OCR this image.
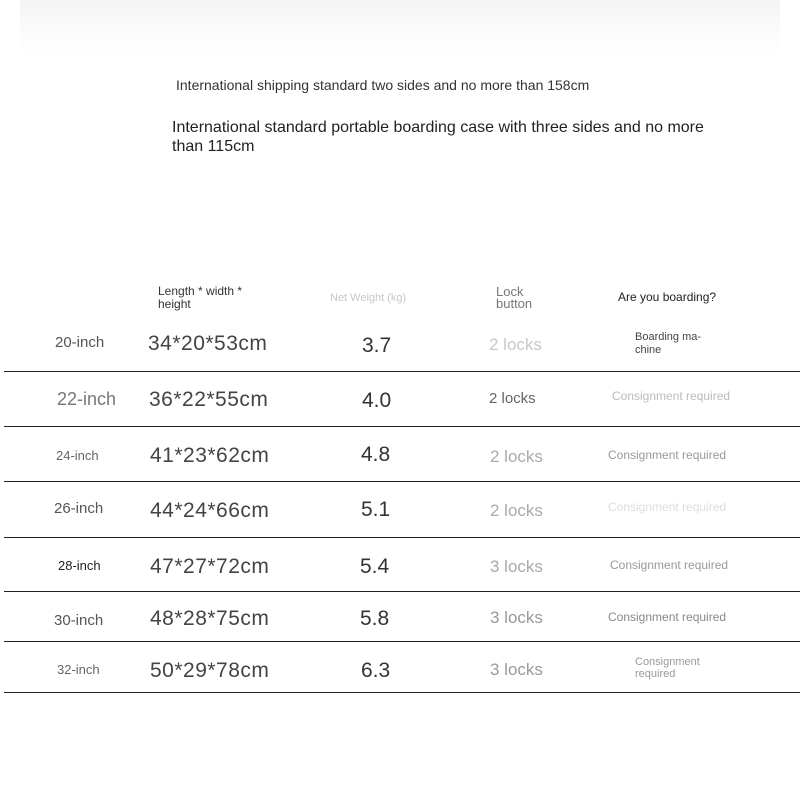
International shipping standard two sides and no more than 158cm
International standard portable boarding case with three sides and no more than 115cm
Length * width * height	Net Weight (kg)	Lock button	Are you boarding?
20-inch 34*20*53cm	3.7	2 locks	Boarding ma-chine
22-inch 36*22*55cm	4.0	2 locks	Consignment required
24-inch 41*23*62cm	4.8	2 locks	Consignment required
26-inch 44*24*66cm	5.1	2 locks	Consignment required
28-inch 47*27*72cm	5.4	3 locks	Consignment required
30-inch 48*28*75cm	5.8	3 locks	Consignment required
32-inch 50*29*78cm	6.3	3 locks	Consignment required
